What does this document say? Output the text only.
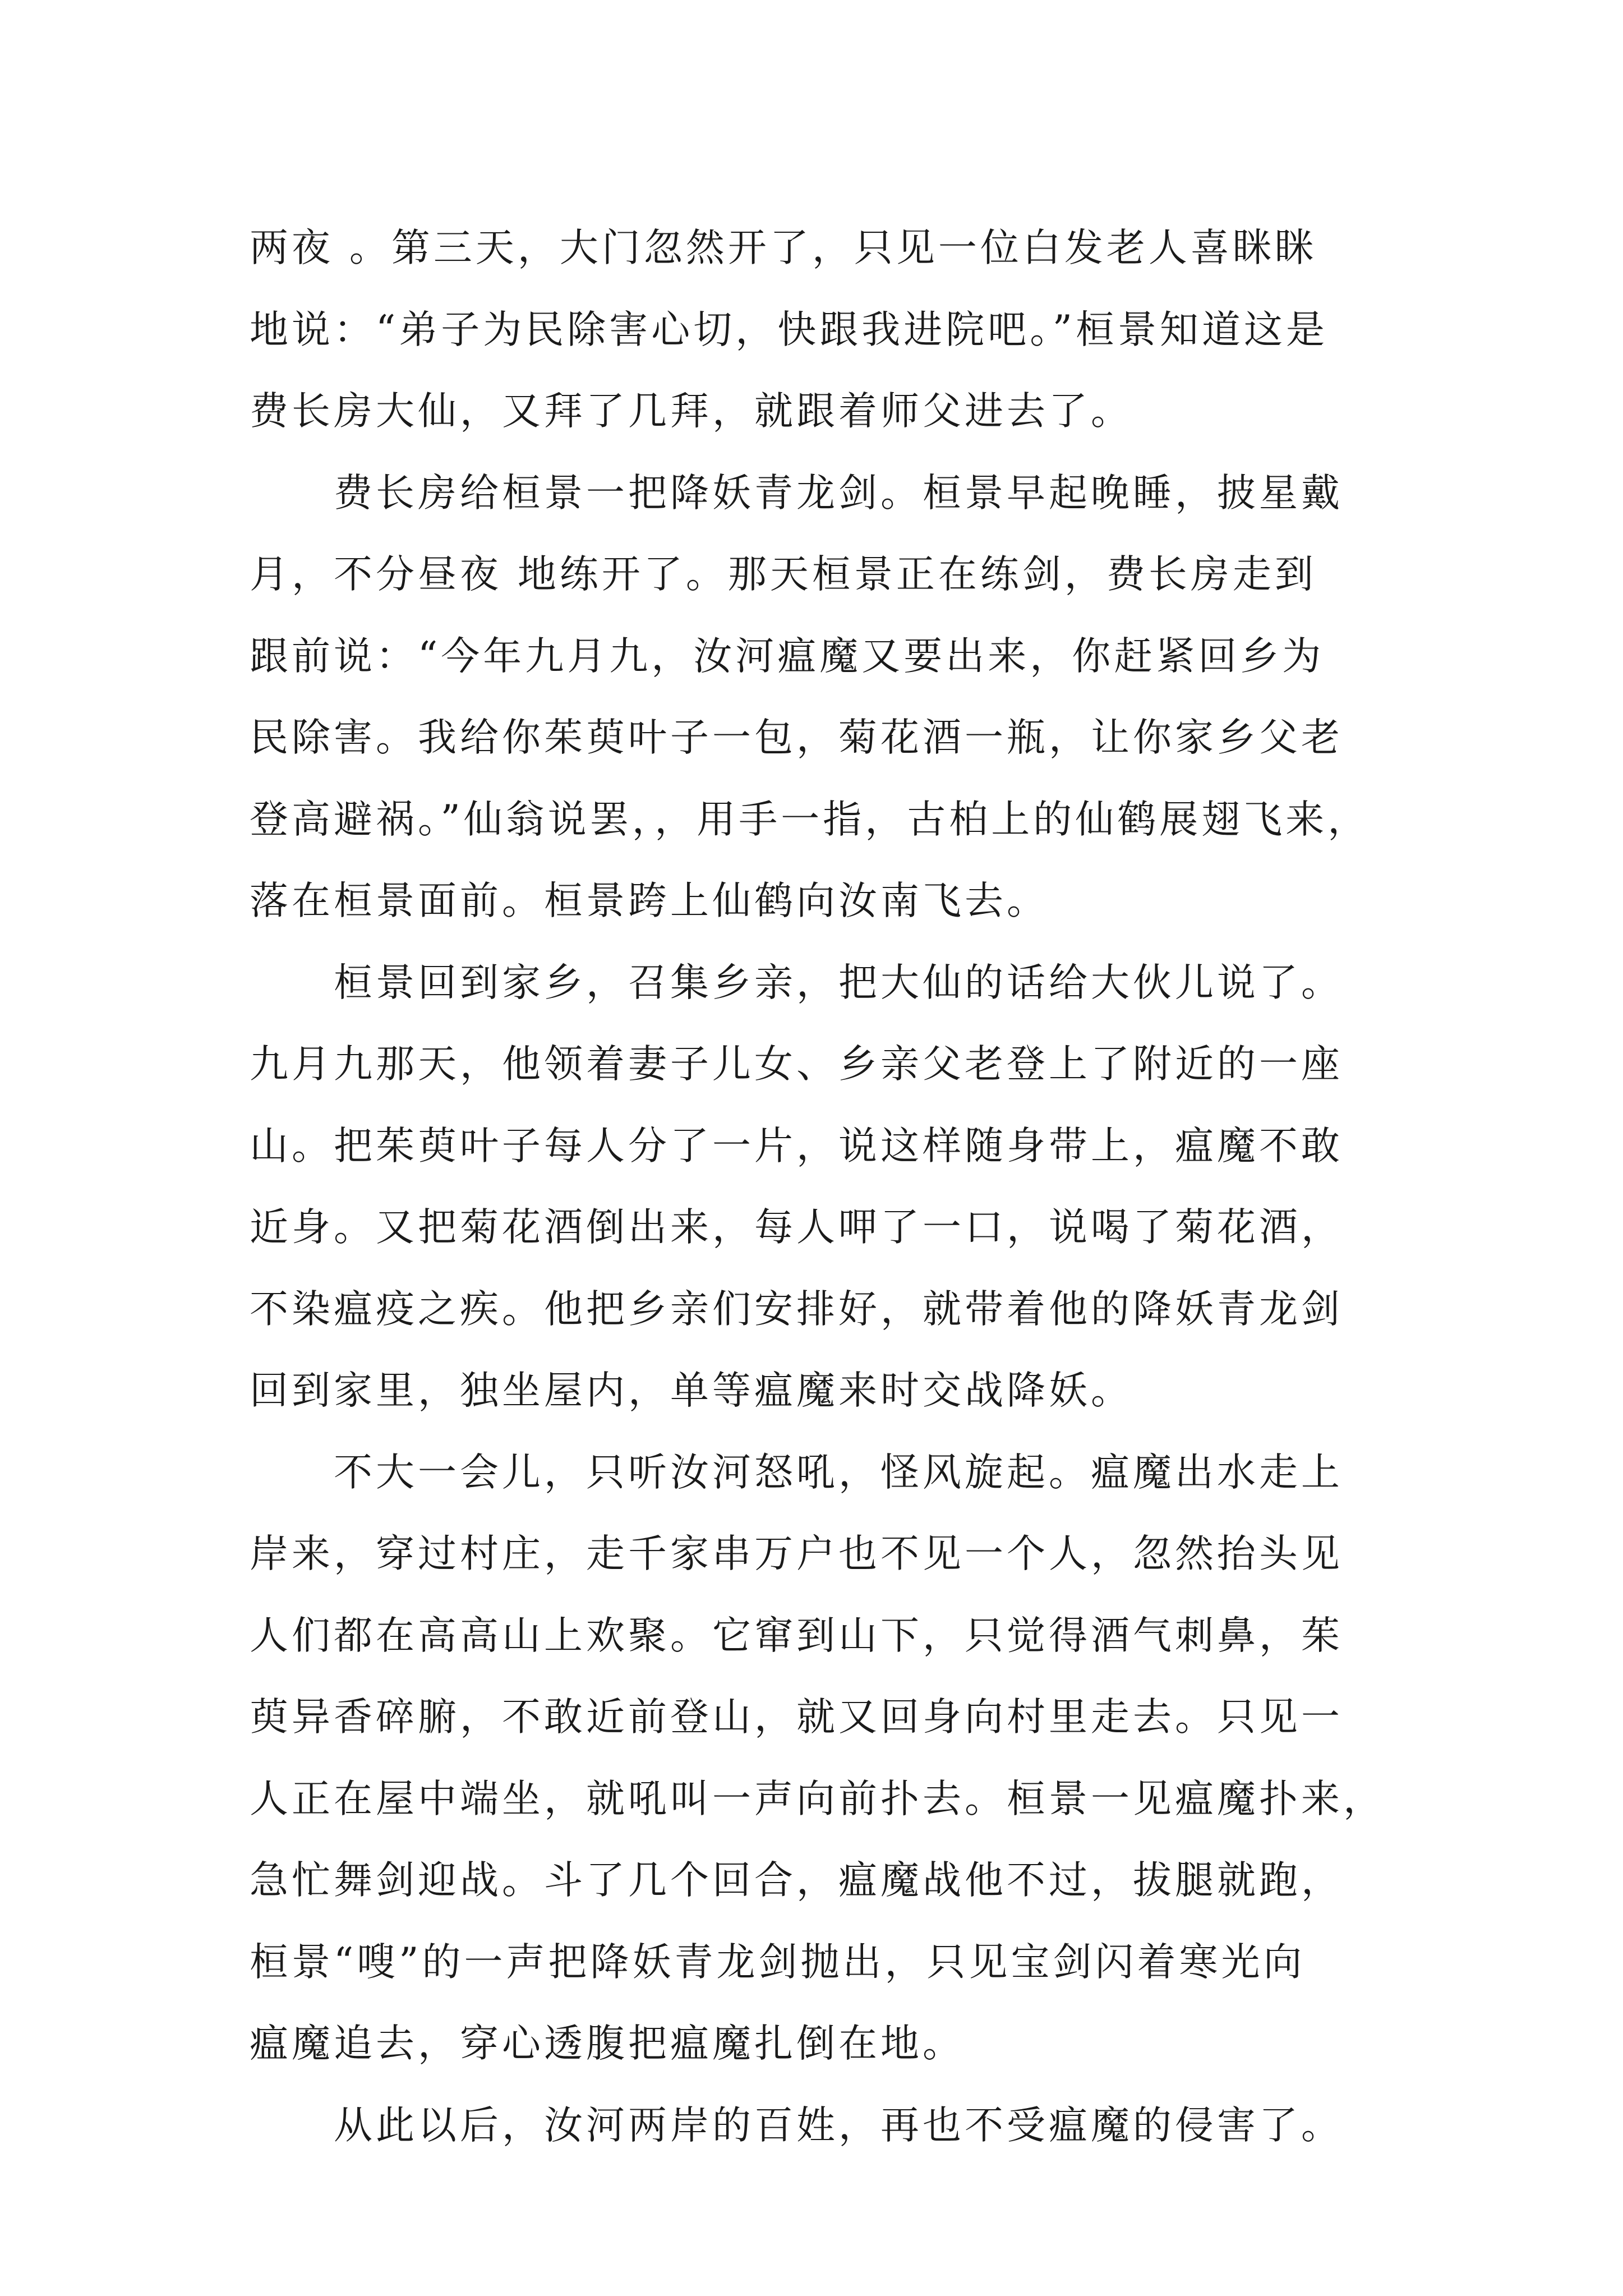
两夜 。第三天，大门忽然开了，只见一位白发老人喜眯眯
地说：“弟子为民除害心切，快跟我进院吧。”桓景知道这是
费长房大仙，又拜了几拜，就跟着师父进去了。
费长房给桓景一把降妖青龙剑。桓景早起晚睡，披星戴
月，不分昼夜 地练开了。那天桓景正在练剑，费长房走到
跟前说：“今年九月九，汝河瘟魔又要出来，你赶紧回乡为
民除害。我给你茱萸叶子一包，菊花酒一瓶，让你家乡父老
登高避祸。”仙翁说罢，，用手一指，古柏上的仙鹤展翅飞来，
落在桓景面前。桓景跨上仙鹤向汝南飞去。
桓景回到家乡，召集乡亲，把大仙的话给大伙儿说了。
九月九那天，他领着妻子儿女、乡亲父老登上了附近的一座
山。把茱萸叶子每人分了一片，说这样随身带上，瘟魔不敢
近身。又把菊花酒倒出来，每人呷了一口，说喝了菊花酒，
不染瘟疫之疾。他把乡亲们安排好，就带着他的降妖青龙剑
回到家里，独坐屋内，单等瘟魔来时交战降妖。
不大一会儿，只听汝河怒吼，怪风旋起。瘟魔出水走上
岸来，穿过村庄，走千家串万户也不见一个人，忽然抬头见
人们都在高高山上欢聚。它窜到山下，只觉得酒气刺鼻，茱
萸异香碎腑，不敢近前登山，就又回身向村里走去。只见一
人正在屋中端坐，就吼叫一声向前扑去。桓景一见瘟魔扑来，
急忙舞剑迎战。斗了几个回合，瘟魔战他不过，拔腿就跑，
桓景“嗖”的一声把降妖青龙剑抛出，只见宝剑闪着寒光向
瘟魔追去，穿心透腹把瘟魔扎倒在地。
从此以后，汝河两岸的百姓，再也不受瘟魔的侵害了。
